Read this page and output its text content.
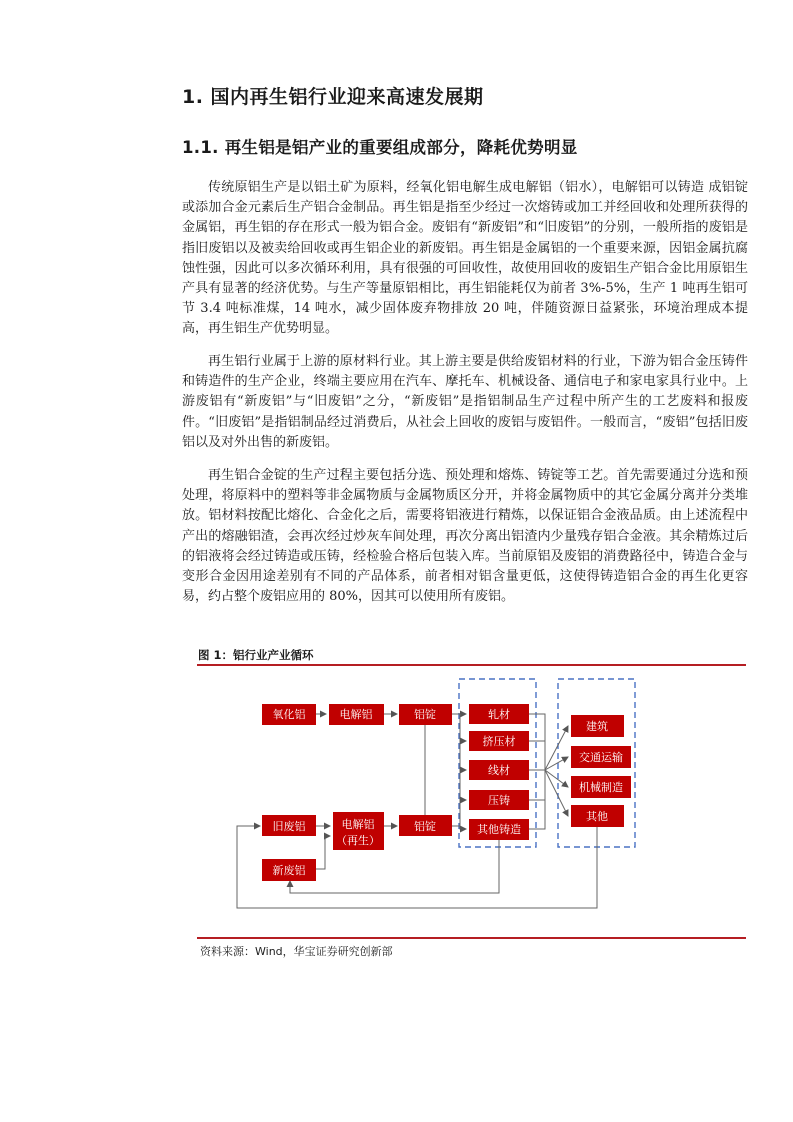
1. 国内再生铝行业迎来高速发展期
1.1. 再生铝是铝产业的重要组成部分，降耗优势明显

传统原铝生产是以铝土矿为原料，经氧化铝电解生成电解铝（铝水），电解铝可以铸造 成铝锭或添加合金元素后生产铝合金制品。再生铝是指至少经过一次熔铸或加工并经回收和处理所获得的金属铝，再生铝的存在形式一般为铝合金。废铝有“新废铝”和“旧废铝”的分别，一般所指的废铝是指旧废铝以及被卖给回收或再生铝企业的新废铝。再生铝是金属铝的一个重要来源，因铝金属抗腐蚀性强，因此可以多次循环利用，具有很强的可回收性，故使用回收的废铝生产铝合金比用原铝生产具有显著的经济优势。与生产等量原铝相比，再生铝能耗仅为前者 3%-5%，生产 1 吨再生铝可节 3.4 吨标准煤，14 吨水，减少固体废弃物排放 20 吨，伴随资源日益紧张，环境治理成本提高，再生铝生产优势明显。

再生铝行业属于上游的原材料行业。其上游主要是供给废铝材料的行业，下游为铝合金压铸件和铸造件的生产企业，终端主要应用在汽车、摩托车、机械设备、通信电子和家电家具行业中。上游废铝有“新废铝”与“旧废铝”之分，“新废铝”是指铝制品生产过程中所产生的工艺废料和报废件。“旧废铝”是指铝制品经过消费后，从社会上回收的废铝与废铝件。一般而言，“废铝”包括旧废铝以及对外出售的新废铝。

再生铝合金锭的生产过程主要包括分选、预处理和熔炼、铸锭等工艺。首先需要通过分选和预处理，将原料中的塑料等非金属物质与金属物质区分开，并将金属物质中的其它金属分离并分类堆放。铝材料按配比熔化、合金化之后，需要将铝液进行精炼，以保证铝合金液品质。由上述流程中产出的熔融铝渣，会再次经过炒灰车间处理，再次分离出铝渣内少量残存铝合金液。其余精炼过后的铝液将会经过铸造或压铸，经检验合格后包装入库。当前原铝及废铝的消费路径中，铸造合金与变形合金因用途差别有不同的产品体系，前者相对铝含量更低，这使得铸造铝合金的再生化更容易，约占整个废铝应用的 80%，因其可以使用所有废铝。

图 1：铝行业产业循环
氧化铝	电解铝	铝锭
旧废铝	电解铝
（再生）
铝锭
新废铝
轧材
挤压材
线材
压铸
其他铸造
建筑
交通运输
机械制造
其他
资料来源：Wind，华宝证券研究创新部
